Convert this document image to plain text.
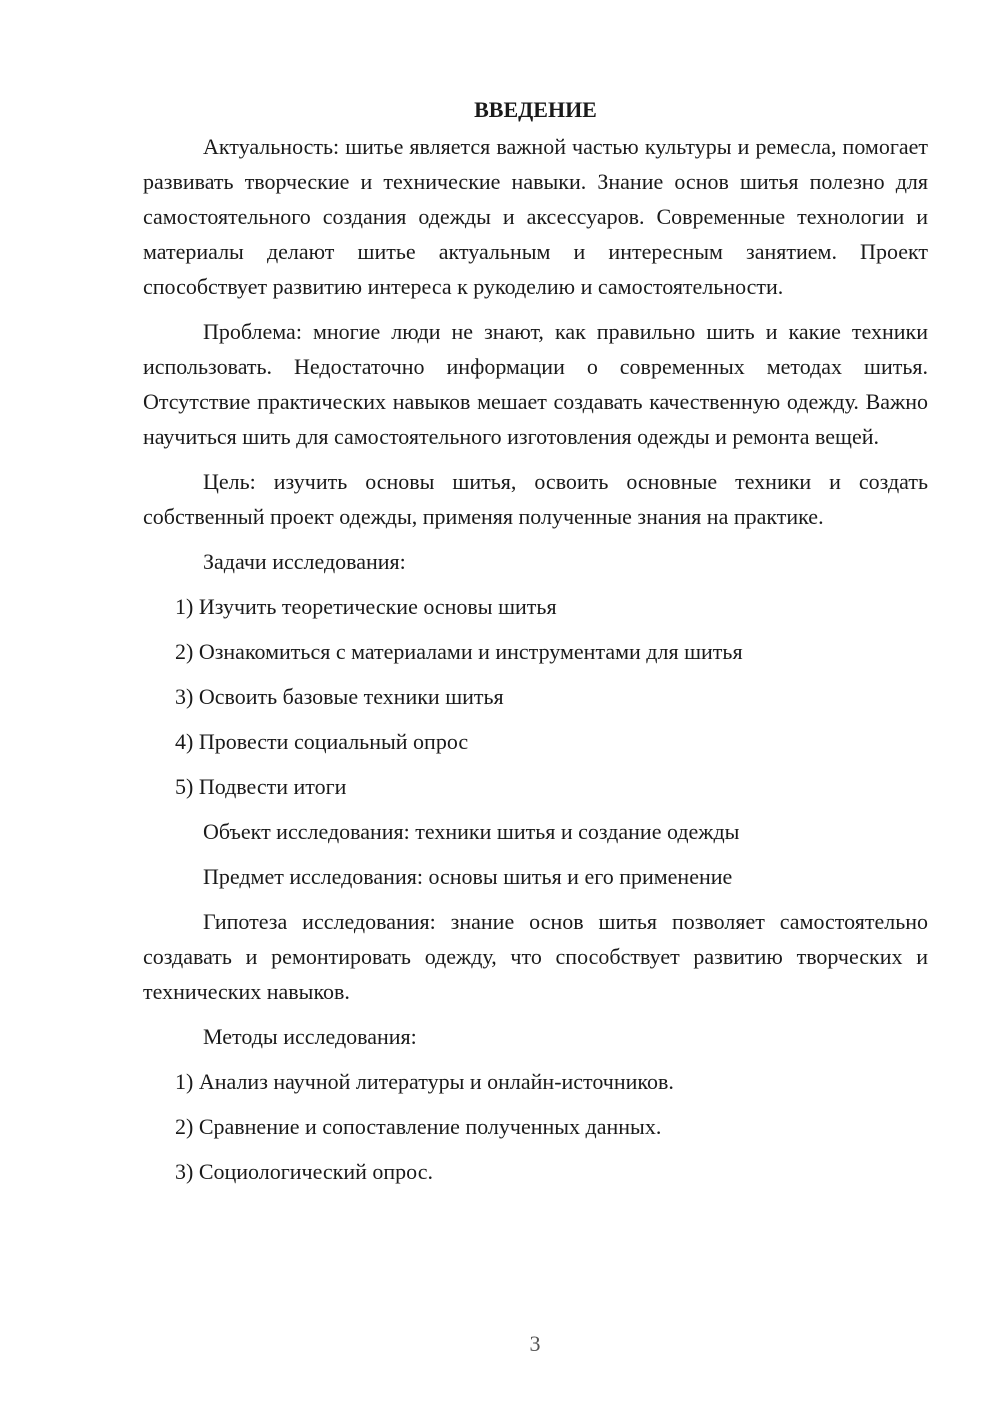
ВВЕДЕНИЕ

Актуальность: шитье является важной частью культуры и ремесла, помогает развивать творческие и технические навыки. Знание основ шитья полезно для самостоятельного создания одежды и аксессуаров. Современные технологии и материалы делают шитье актуальным и интересным занятием. Проект способствует развитию интереса к рукоделию и самостоятельности.

Проблема: многие люди не знают, как правильно шить и какие техники использовать. Недостаточно информации о современных методах шитья. Отсутствие практических навыков мешает создавать качественную одежду. Важно научиться шить для самостоятельного изготовления одежды и ремонта вещей.

Цель: изучить основы шитья, освоить основные техники и создать собственный проект одежды, применяя полученные знания на практике.

Задачи исследования:
1) Изучить теоретические основы шитья
2) Ознакомиться с материалами и инструментами для шитья
3) Освоить базовые техники шитья
4) Провести социальный опрос
5) Подвести итоги
Объект исследования: техники шитья и создание одежды
Предмет исследования: основы шитья и его применение

Гипотеза исследования: знание основ шитья позволяет самостоятельно создавать и ремонтировать одежду, что способствует развитию творческих и технических навыков.

Методы исследования:
1) Анализ научной литературы и онлайн-источников.
2) Сравнение и сопоставление полученных данных.
3) Социологический опрос.
3
